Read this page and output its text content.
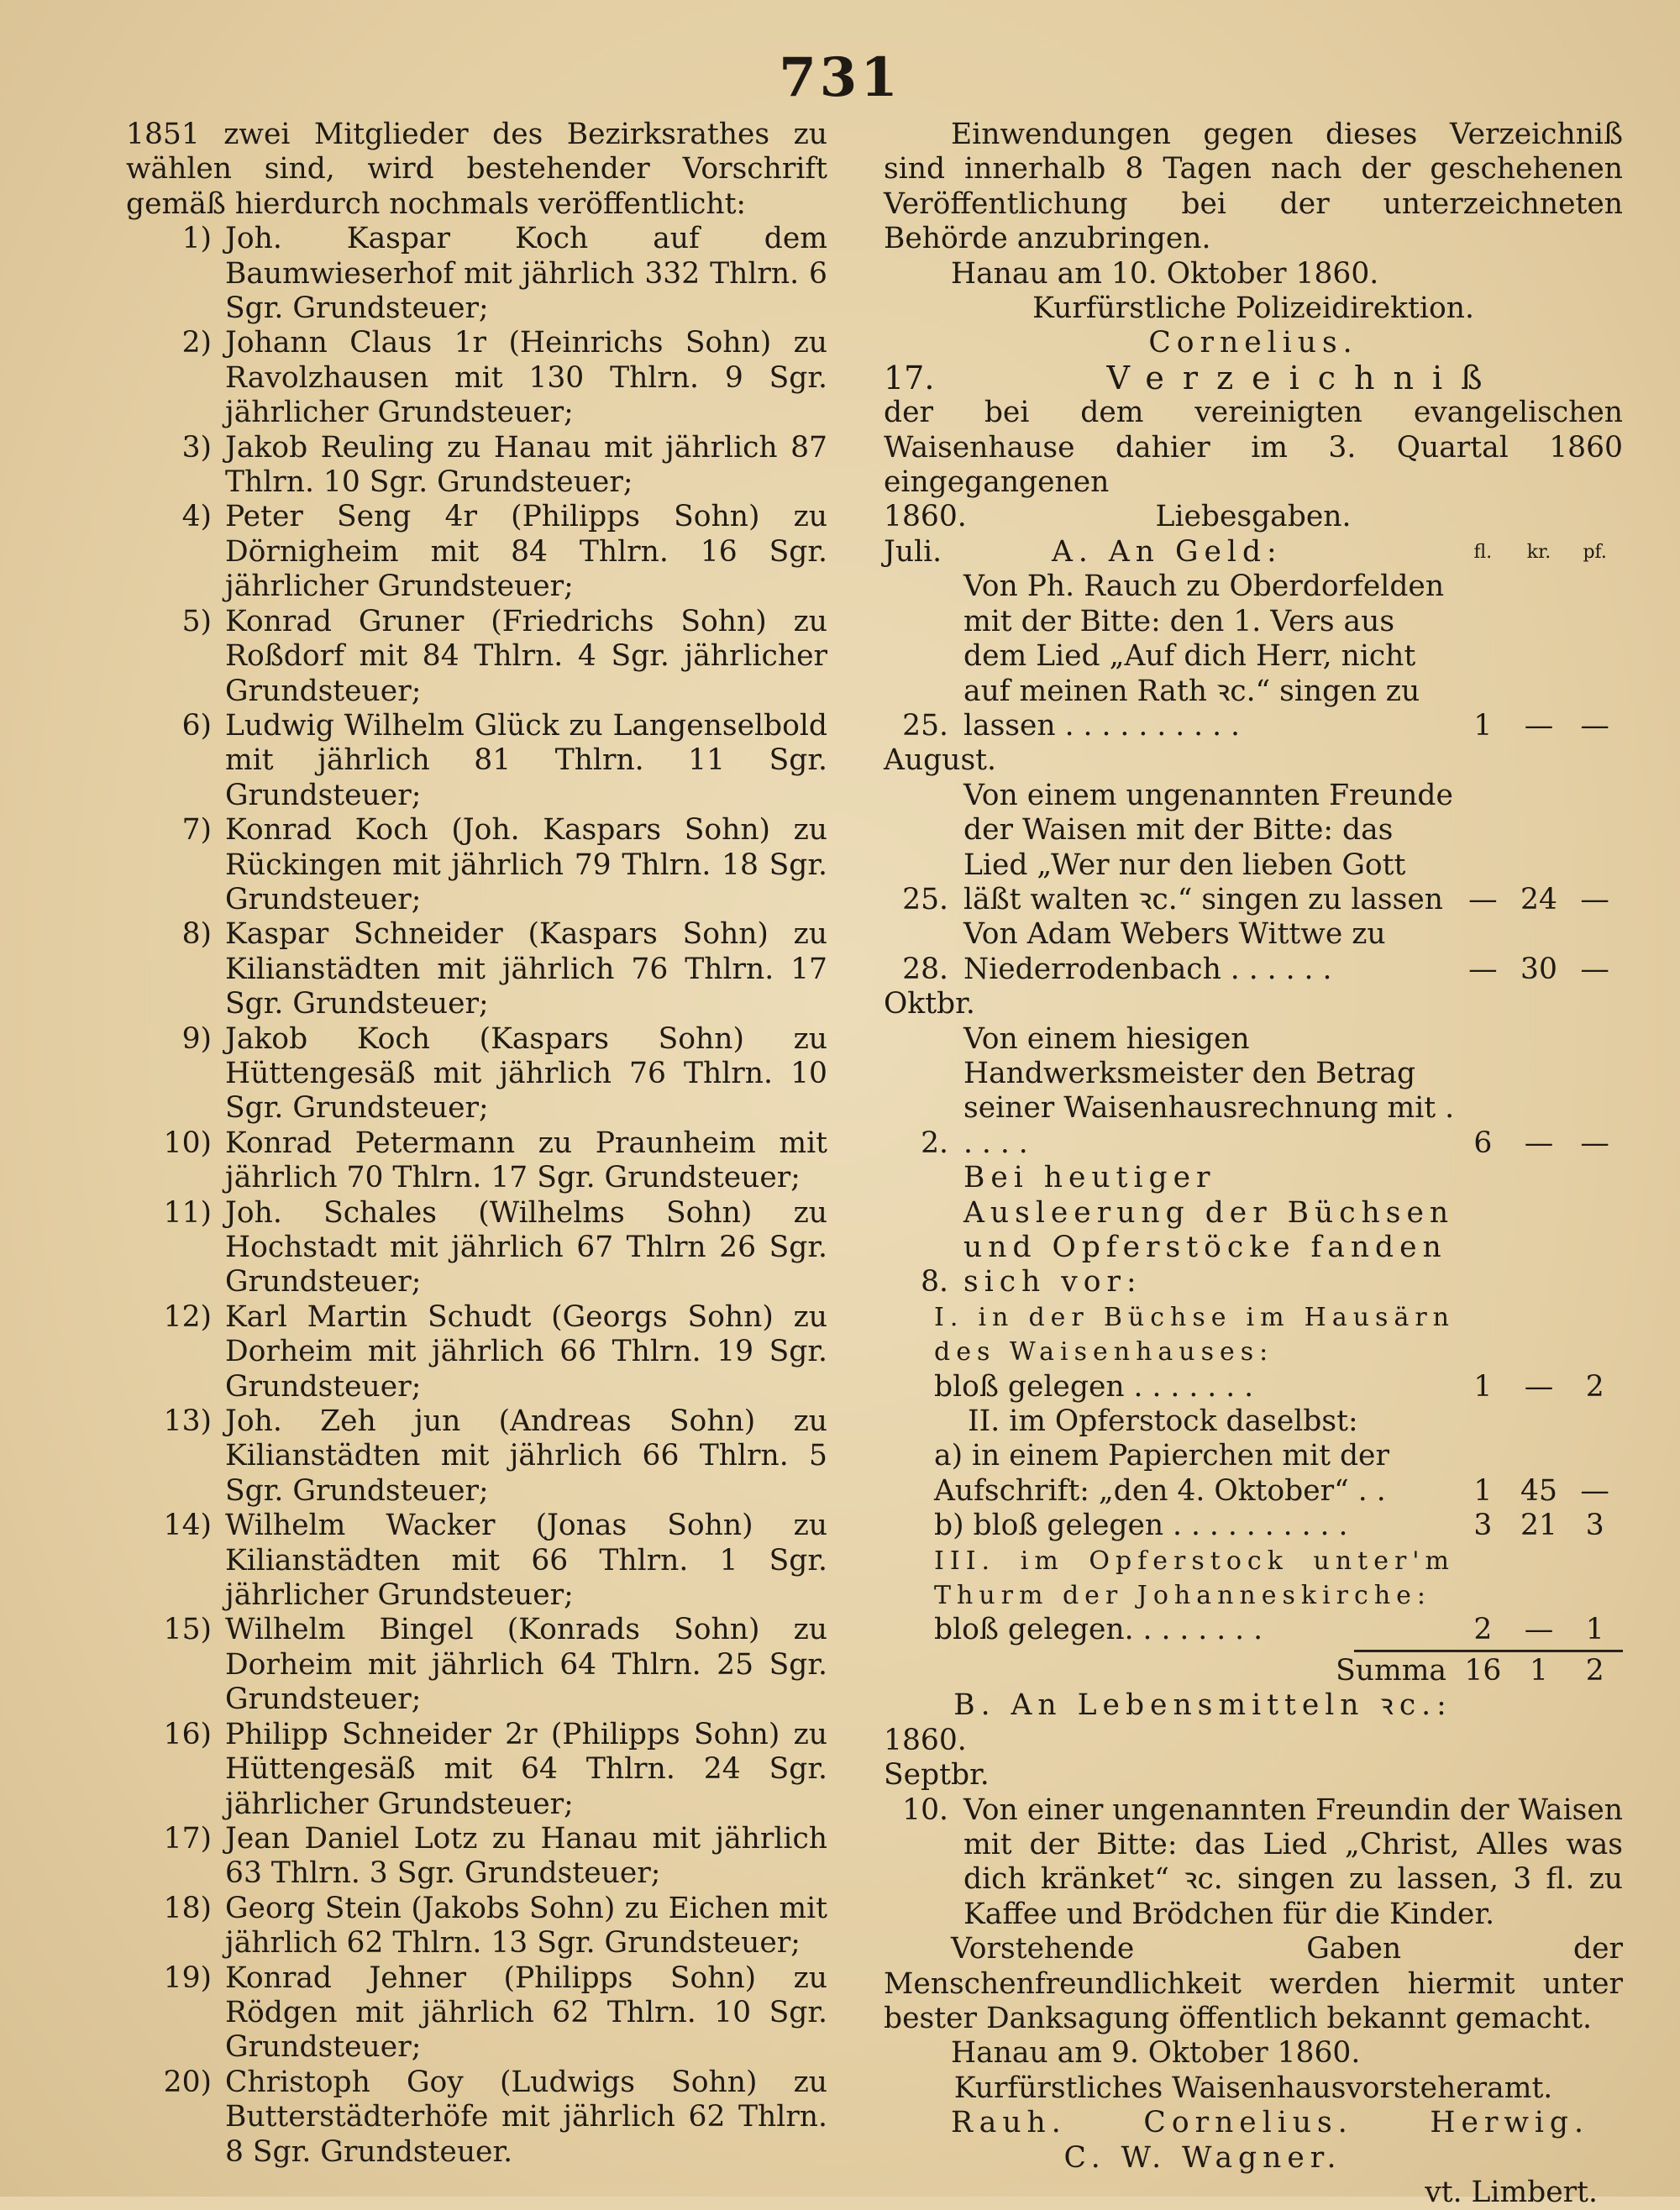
731

1851 zwei Mitglieder des Bezirksrathes zu wählen sind, wird bestehender Vorschrift gemäß hierdurch nochmals veröffentlicht:

1) Joh. Kaspar Koch auf dem Baumwieserhof mit jährlich 332 Thlrn. 6 Sgr. Grundsteuer;
2) Johann Claus 1r (Heinrichs Sohn) zu Ravolzhausen mit 130 Thlrn. 9 Sgr. jährlicher Grundsteuer;
3) Jakob Reuling zu Hanau mit jährlich 87 Thlrn. 10 Sgr. Grundsteuer;
4) Peter Seng 4r (Philipps Sohn) zu Dörnigheim mit 84 Thlrn. 16 Sgr. jährlicher Grundsteuer;
5) Konrad Gruner (Friedrichs Sohn) zu Roßdorf mit 84 Thlrn. 4 Sgr. jährlicher Grundsteuer;
6) Ludwig Wilhelm Glück zu Langenselbold mit jährlich 81 Thlrn. 11 Sgr. Grundsteuer;
7) Konrad Koch (Joh. Kaspars Sohn) zu Rückingen mit jährlich 79 Thlrn. 18 Sgr. Grundsteuer;
8) Kaspar Schneider (Kaspars Sohn) zu Kilianstädten mit jährlich 76 Thlrn. 17 Sgr. Grundsteuer;
9) Jakob Koch (Kaspars Sohn) zu Hüttengesäß mit jährlich 76 Thlrn. 10 Sgr. Grundsteuer;
10) Konrad Petermann zu Praunheim mit jährlich 70 Thlrn. 17 Sgr. Grundsteuer;
11) Joh. Schales (Wilhelms Sohn) zu Hochstadt mit jährlich 67 Thlrn 26 Sgr. Grundsteuer;
12) Karl Martin Schudt (Georgs Sohn) zu Dorheim mit jährlich 66 Thlrn. 19 Sgr. Grundsteuer;
13) Joh. Zeh jun (Andreas Sohn) zu Kilianstädten mit jährlich 66 Thlrn. 5 Sgr. Grundsteuer;
14) Wilhelm Wacker (Jonas Sohn) zu Kilianstädten mit 66 Thlrn. 1 Sgr. jährlicher Grundsteuer;
15) Wilhelm Bingel (Konrads Sohn) zu Dorheim mit jährlich 64 Thlrn. 25 Sgr. Grundsteuer;
16) Philipp Schneider 2r (Philipps Sohn) zu Hüttengesäß mit 64 Thlrn. 24 Sgr. jährlicher Grundsteuer;
17) Jean Daniel Lotz zu Hanau mit jährlich 63 Thlrn. 3 Sgr. Grundsteuer;
18) Georg Stein (Jakobs Sohn) zu Eichen mit jährlich 62 Thlrn. 13 Sgr. Grundsteuer;
19) Konrad Jehner (Philipps Sohn) zu Rödgen mit jährlich 62 Thlrn. 10 Sgr. Grundsteuer;
20) Christoph Goy (Ludwigs Sohn) zu Butterstädterhöfe mit jährlich 62 Thlrn. 8 Sgr. Grundsteuer.

Einwendungen gegen dieses Verzeichniß sind innerhalb 8 Tagen nach der geschehenen Veröffentlichung bei der unterzeichneten Behörde anzubringen.

Hanau am 10. Oktober 1860.

Kurfürstliche Polizeidirektion.

Cornelius.

17.	Verzeichniß

der bei dem vereinigten evangelischen Waisenhause dahier im 3. Quartal 1860 eingegangenen

1860.	Liebesgaben.
Juli.	A. An Geld:	fl.	kr.	pf.
25.
Von Ph. Rauch zu Oberdorfelden mit der Bitte: den 1. Vers aus dem Lied „Auf dich Herr, nicht auf meinen Rath ꝛc.“ singen zu lassen . . . . . . . . . .	1	— —

August.

25.
Von einem ungenannten Freunde der Waisen mit der Bitte: das Lied „Wer nur den lieben Gott läßt walten ꝛc.“ singen zu lassen — 24 —
28.
Von Adam Webers Wittwe zu Niederrodenbach . . . . . .	— 30 —

Oktbr.

2.
Von einem hiesigen Handwerksmeister den Betrag seiner Waisenhausrechnung mit . . . . .	6	— —
8.
Bei heutiger Ausleerung der Büchsen und Opferstöcke fanden sich vor:

I. in der Büchse im Hausärn des Waisenhauses:

bloß gelegen . . . . . . .	1	—	2

II. im Opferstock daselbst:

a) in einem Papierchen mit der Aufschrift: „den 4. Oktober“ . .	1 45 —
b) bloß gelegen . . . . . . . . . .	3 21 3

III. im Opferstock unter'm Thurm der Johanneskirche:

bloß gelegen. . . . . . . .	2	—	1
Summa 16 1	2

B. An Lebensmitteln ꝛc.:

1860.

Septbr.

10. Von einer ungenannten Freundin der Waisen mit der Bitte: das Lied „Christ, Alles was dich kränket“ ꝛc. singen zu lassen, 3 fl. zu Kaffee und Brödchen für die Kinder.

Vorstehende Gaben der Menschenfreundlichkeit werden hiermit unter bester Danksagung öffentlich bekannt gemacht.

Hanau am 9. Oktober 1860.

Kurfürstliches Waisenhausvorsteheramt.

Rauh.	Cornelius.	Herwig.

C. W. Wagner.

vt. Limbert.
